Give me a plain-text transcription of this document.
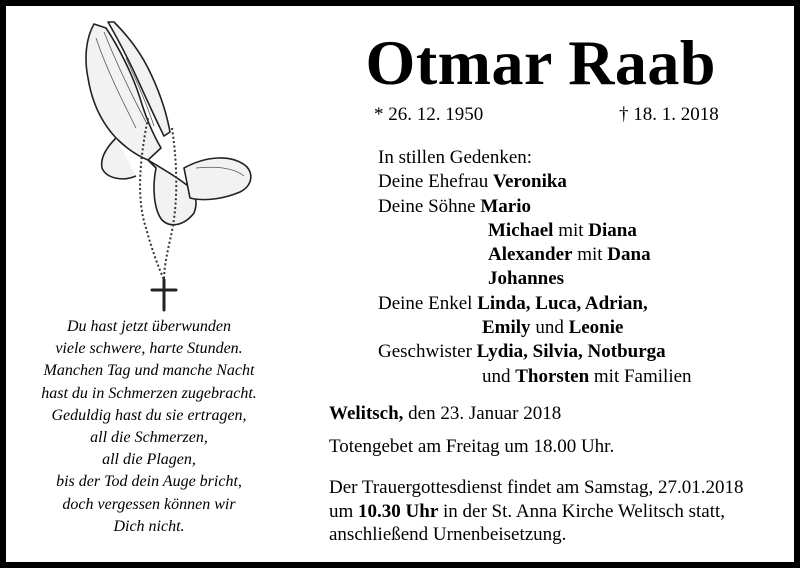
Otmar Raab
* 26. 12. 1950	† 18. 1. 2018
In stillen Gedenken:
Deine Ehefrau Veronika
Deine Söhne Mario
Michael mit Diana
Alexander mit Dana
Johannes
Deine Enkel Linda, Luca, Adrian,
Emily und Leonie
Geschwister Lydia, Silvia, Notburga
und Thorsten mit Familien
Welitsch, den 23. Januar 2018
Totengebet am Freitag um 18.00 Uhr.
Der Trauergottesdienst findet am Samstag, 27.01.2018
um 10.30 Uhr in der St. Anna Kirche Welitsch statt,
anschließend Urnenbeisetzung.
Du hast jetzt überwunden
viele schwere, harte Stunden.
Manchen Tag und manche Nacht
hast du in Schmerzen zugebracht.
Geduldig hast du sie ertragen,
all die Schmerzen,
all die Plagen,
bis der Tod dein Auge bricht,
doch vergessen können wir
Dich nicht.
